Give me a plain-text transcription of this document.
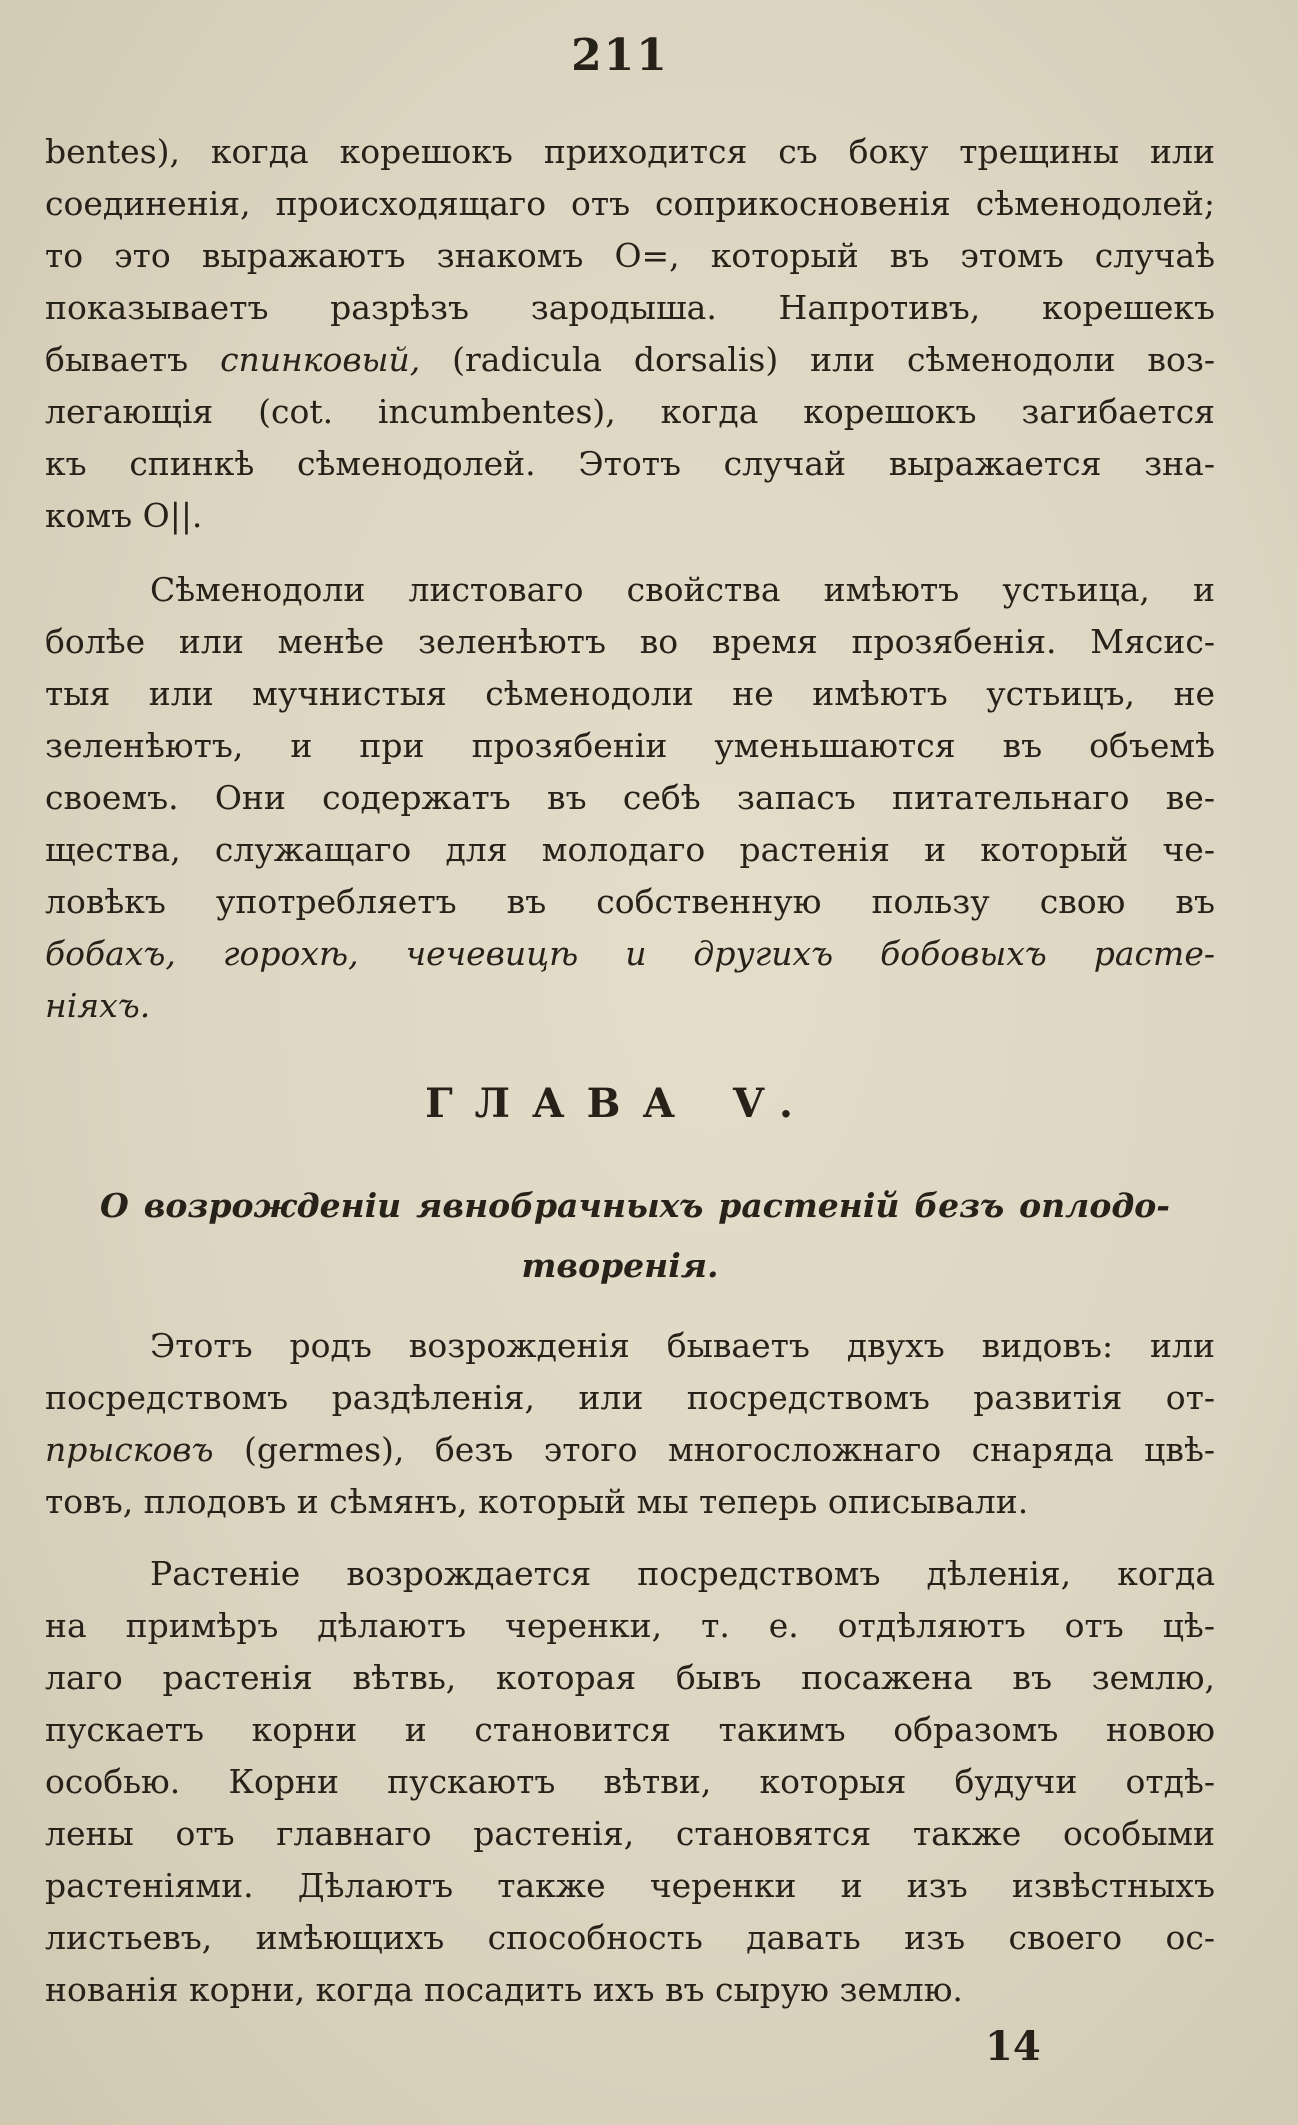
211
bentes), когда корешокъ приходится съ боку трещины или
соединенія, происходящаго отъ соприкосновенія сѣменодолей;
то это выражаютъ знакомъ O=, который въ этомъ случаѣ
показываетъ разрѣзъ зародыша. Напротивъ, корешекъ
бываетъ спинковый, (radicula dorsalis) или сѣменодоли воз-
легающія (cot. incumbentes), когда корешокъ загибается
къ спинкѣ сѣменодолей. Этотъ случай выражается зна-
комъ O||.
Сѣменодоли листоваго свойства имѣютъ устьица, и
болѣе или менѣе зеленѣютъ во время прозябенія. Мясис-
тыя или мучнистыя сѣменодоли не имѣютъ устьицъ, не
зеленѣютъ, и при прозябеніи уменьшаются въ объемѣ
своемъ. Они содержатъ въ себѣ запасъ питательнаго ве-
щества, служащаго для молодаго растенія и который че-
ловѣкъ употребляетъ въ собственную пользу свою въ
бобахъ, горохѣ, чечевицѣ и другихъ бобовыхъ расте-
ніяхъ.
ГЛАВА V.
О возрожденіи явнобрачныхъ растеній безъ оплодо-
творенія.
Этотъ родъ возрожденія бываетъ двухъ видовъ: или
посредствомъ раздѣленія, или посредствомъ развитія от-
прысковъ (germes), безъ этого многосложнаго снаряда цвѣ-
товъ, плодовъ и сѣмянъ, который мы теперь описывали.
Растеніе возрождается посредствомъ дѣленія, когда
на примѣръ дѣлаютъ черенки, т. е. отдѣляютъ отъ цѣ-
лаго растенія вѣтвь, которая бывъ посажена въ землю,
пускаетъ корни и становится такимъ образомъ новою
особью. Корни пускаютъ вѣтви, которыя будучи отдѣ-
лены отъ главнаго растенія, становятся также особыми
растеніями. Дѣлаютъ также черенки и изъ извѣстныхъ
листьевъ, имѣющихъ способность давать изъ своего ос-
нованія корни, когда посадить ихъ въ сырую землю.
14
